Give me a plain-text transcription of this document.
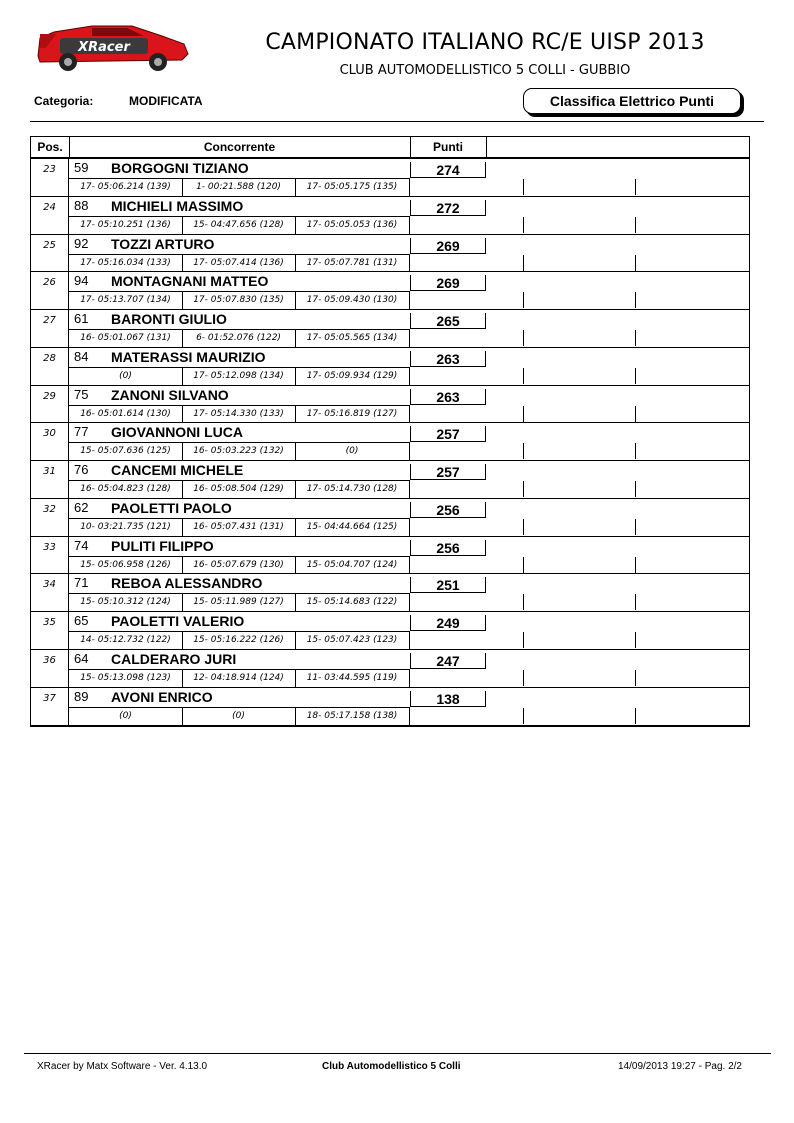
XRacer	CAMPIONATO ITALIANO RC/E UISP 2013
CLUB AUTOMODELLISTICO 5 COLLI - GUBBIO
Categoria:	MODIFICATA	Classifica Elettrico Punti
Pos.	Concorrente	Punti
23	59 BORGOGNI TIZIANO	274
17- 05:06.214 (139)	1- 00:21.588 (120)	17- 05:05.175 (135)
24	88 MICHIELI MASSIMO	272
17- 05:10.251 (136)	15- 04:47.656 (128)	17- 05:05.053 (136)
25	92 TOZZI ARTURO	269
17- 05:16.034 (133)	17- 05:07.414 (136)	17- 05:07.781 (131)
26	94 MONTAGNANI MATTEO	269
17- 05:13.707 (134)	17- 05:07.830 (135)	17- 05:09.430 (130)
27	61 BARONTI GIULIO	265
16- 05:01.067 (131)	6- 01:52.076 (122)	17- 05:05.565 (134)
28	84 MATERASSI MAURIZIO	263
(0)	17- 05:12.098 (134)	17- 05:09.934 (129)
29	75 ZANONI SILVANO	263
16- 05:01.614 (130)	17- 05:14.330 (133)	17- 05:16.819 (127)
30	77 GIOVANNONI LUCA	257
15- 05:07.636 (125)	16- 05:03.223 (132)	(0)
31	76 CANCEMI MICHELE	257
16- 05:04.823 (128)	16- 05:08.504 (129)	17- 05:14.730 (128)
32	62 PAOLETTI PAOLO	256
10- 03:21.735 (121)	16- 05:07.431 (131)	15- 04:44.664 (125)
33	74 PULITI FILIPPO	256
15- 05:06.958 (126)	16- 05:07.679 (130)	15- 05:04.707 (124)
34	71 REBOA ALESSANDRO	251
15- 05:10.312 (124)	15- 05:11.989 (127)	15- 05:14.683 (122)
35	65 PAOLETTI VALERIO	249
14- 05:12.732 (122)	15- 05:16.222 (126)	15- 05:07.423 (123)
36	64 CALDERARO JURI	247
15- 05:13.098 (123)	12- 04:18.914 (124)	11- 03:44.595 (119)
37	89 AVONI ENRICO	138
(0)	(0)	18- 05:17.158 (138)
XRacer by Matx Software - Ver. 4.13.0	Club Automodellistico 5 Colli	14/09/2013 19:27 - Pag. 2/2
